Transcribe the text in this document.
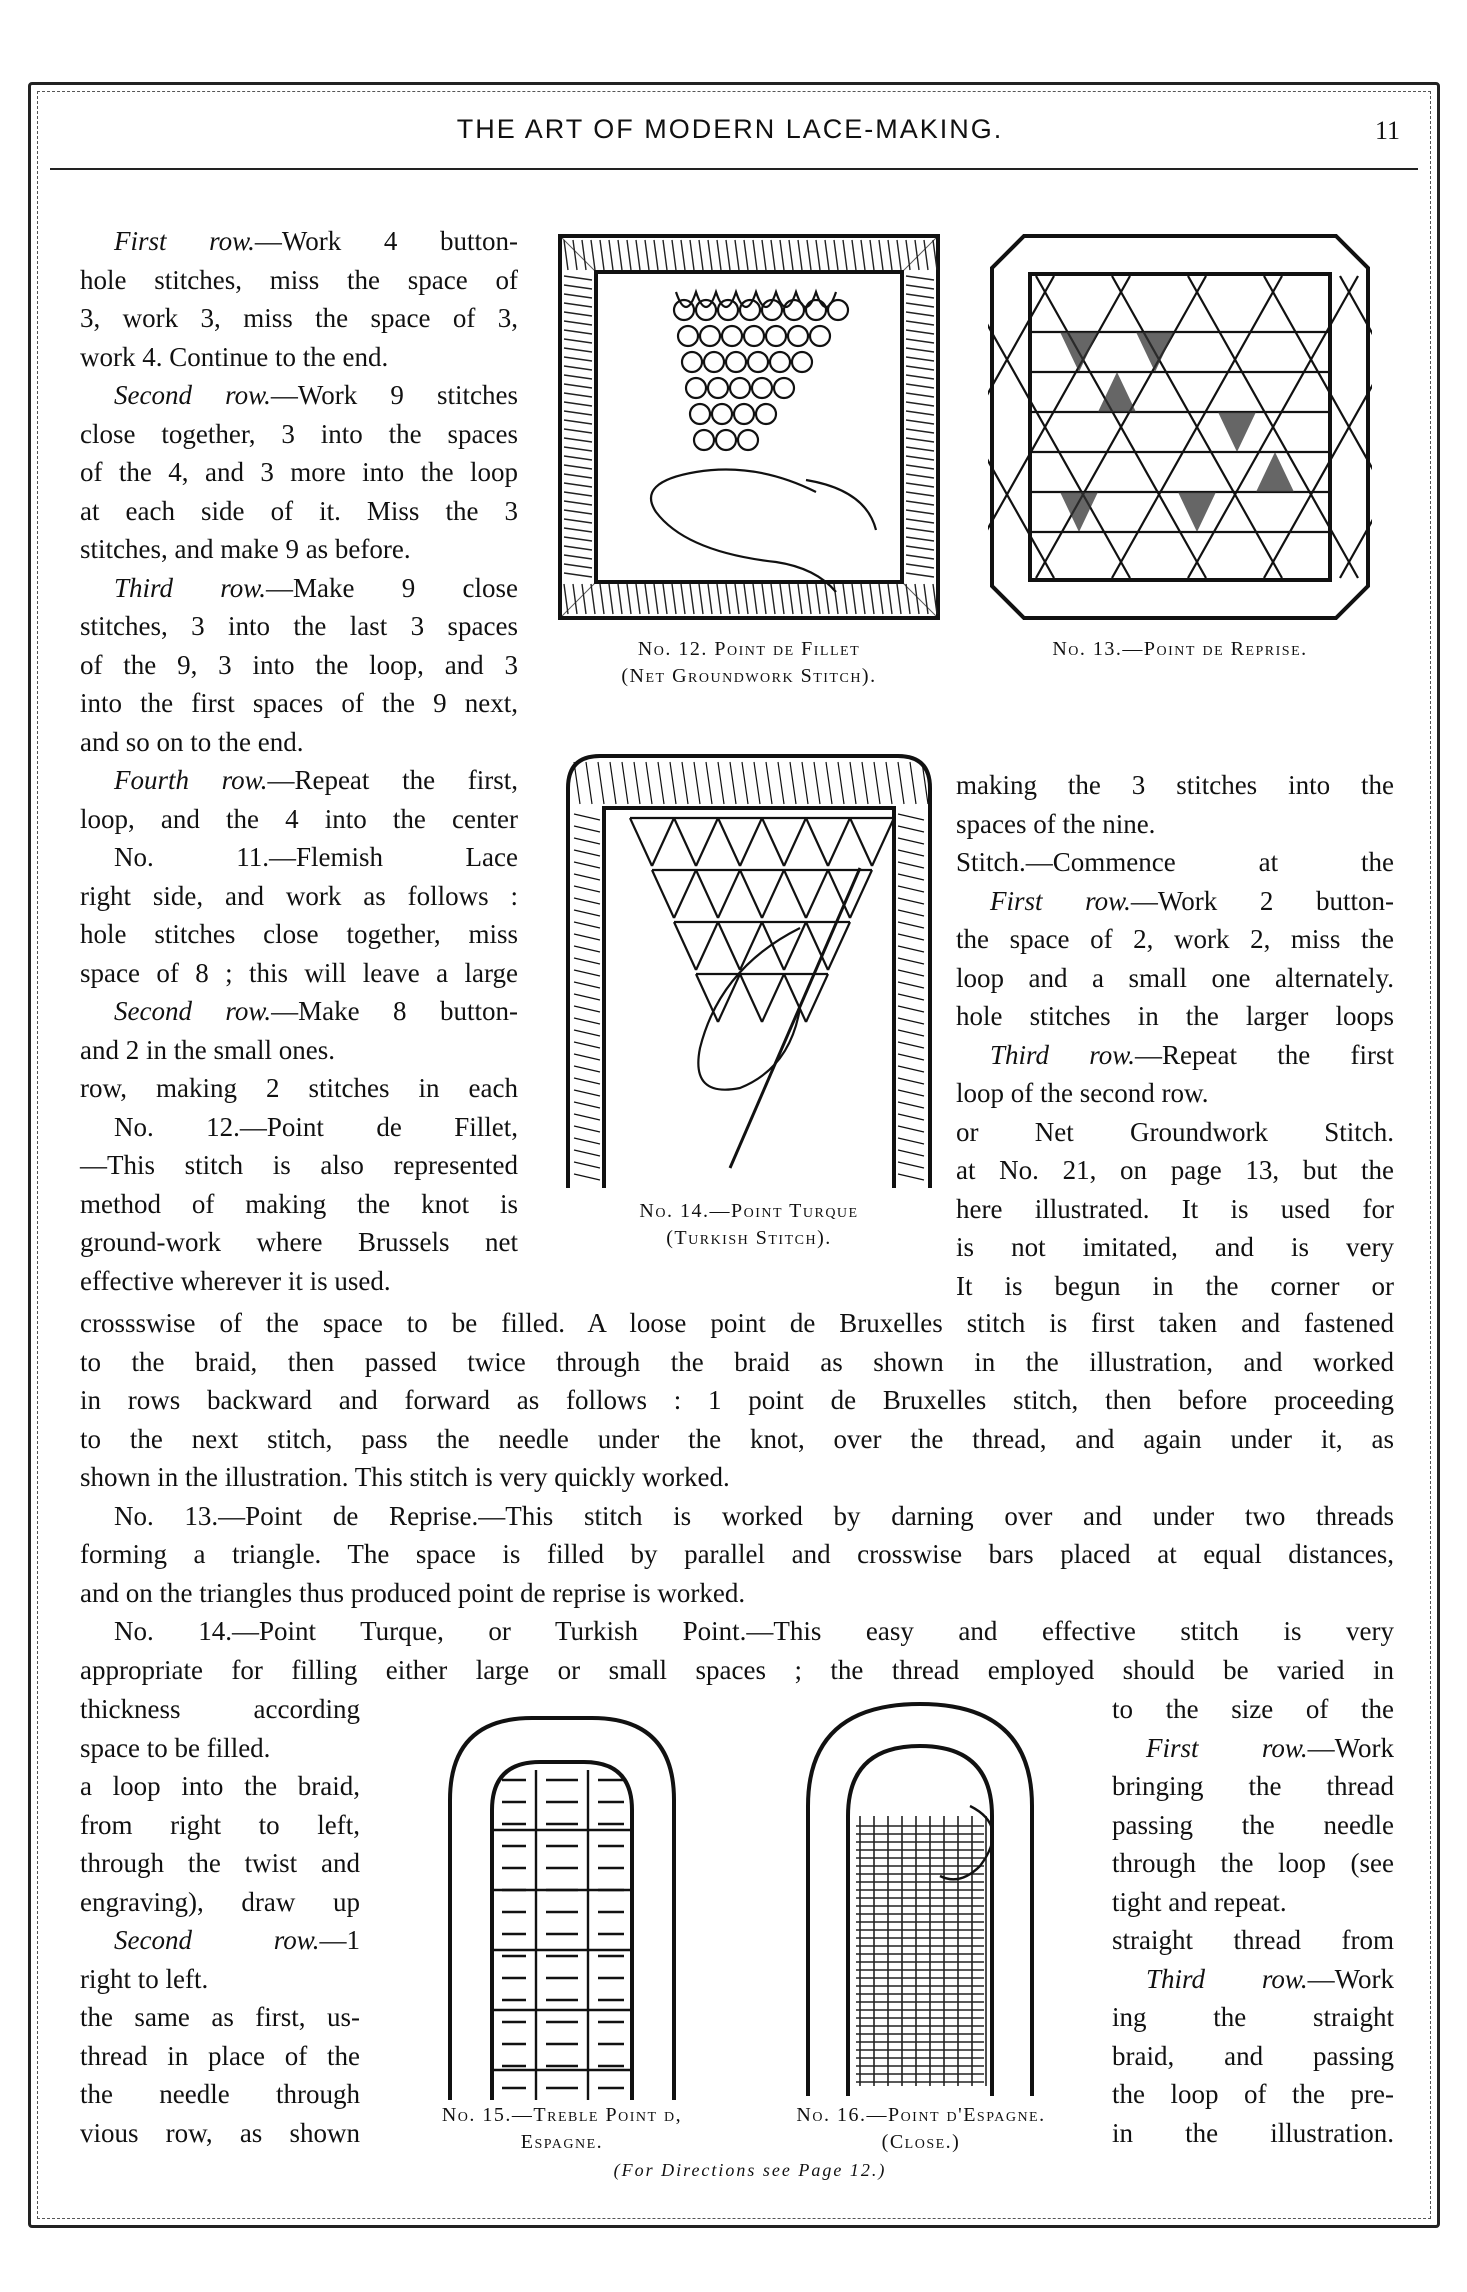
THE ART OF MODERN LACE-MAKING.	11

First row.—Work 4 button-

hole stitches, miss the space of

3, work 3, miss the space of 3,

work 4. Continue to the end.

Second row.—Work 9 stitches

close together, 3 into the spaces

of the 4, and 3 more into the loop

at each side of it. Miss the 3

stitches, and make 9 as before.

Third row.—Make 9 close

stitches, 3 into the last 3 spaces

of the 9, 3 into the loop, and 3

into the first spaces of the 9 next,

and so on to the end.

Fourth row.—Repeat the first,

loop, and the 4 into the center

No. 11.—Flemish Lace

right side, and work as follows :

hole stitches close together, miss

space of 8 ; this will leave a large

Second row.—Make 8 button-

and 2 in the small ones.

row, making 2 stitches in each

No. 12.—Point de Fillet,

—This stitch is also represented

method of making the knot is

ground-work where Brussels net

effective wherever it is used.

making the 3 stitches into the

spaces of the nine.

Stitch.—Commence at the

First row.—Work 2 button-

the space of 2, work 2, miss the

loop and a small one alternately.

hole stitches in the larger loops

Third row.—Repeat the first

loop of the second row.

or Net Groundwork Stitch.

at No. 21, on page 13, but the

here illustrated. It is used for

is not imitated, and is very

It is begun in the corner or

crossswise of the space to be filled. A loose point de Bruxelles stitch is first taken and fastened

to the braid, then passed twice through the braid as shown in the illustration, and worked

in rows backward and forward as follows : 1 point de Bruxelles stitch, then before proceeding

to the next stitch, pass the needle under the knot, over the thread, and again under it, as

shown in the illustration. This stitch is very quickly worked.

No. 13.—Point de Reprise.—This stitch is worked by darning over and under two threads

forming a triangle. The space is filled by parallel and crosswise bars placed at equal distances,

and on the triangles thus produced point de reprise is worked.

No. 14.—Point Turque, or Turkish Point.—This easy and effective stitch is very

appropriate for filling either large or small spaces ; the thread employed should be varied in

thickness according

space to be filled.

a loop into the braid,

from right to left,

through the twist and

engraving), draw up

Second row.—1

right to left.

the same as first, us-

thread in place of the

the needle through

vious row, as shown

to the size of the

First row.—Work

bringing the thread

passing the needle

through the loop (see

tight and repeat.

straight thread from

Third row.—Work

ing the straight

braid, and passing

the loop of the pre-

in the illustration.

No. 12. Point de Fillet
(Net Groundwork Stitch).
No. 13.—Point de Reprise.
No. 14.—Point Turque
(Turkish Stitch).
No. 15.—Treble Point d,
Espagne.
No. 16.—Point d'Espagne.
(Close.)
(For Directions see Page 12.)
